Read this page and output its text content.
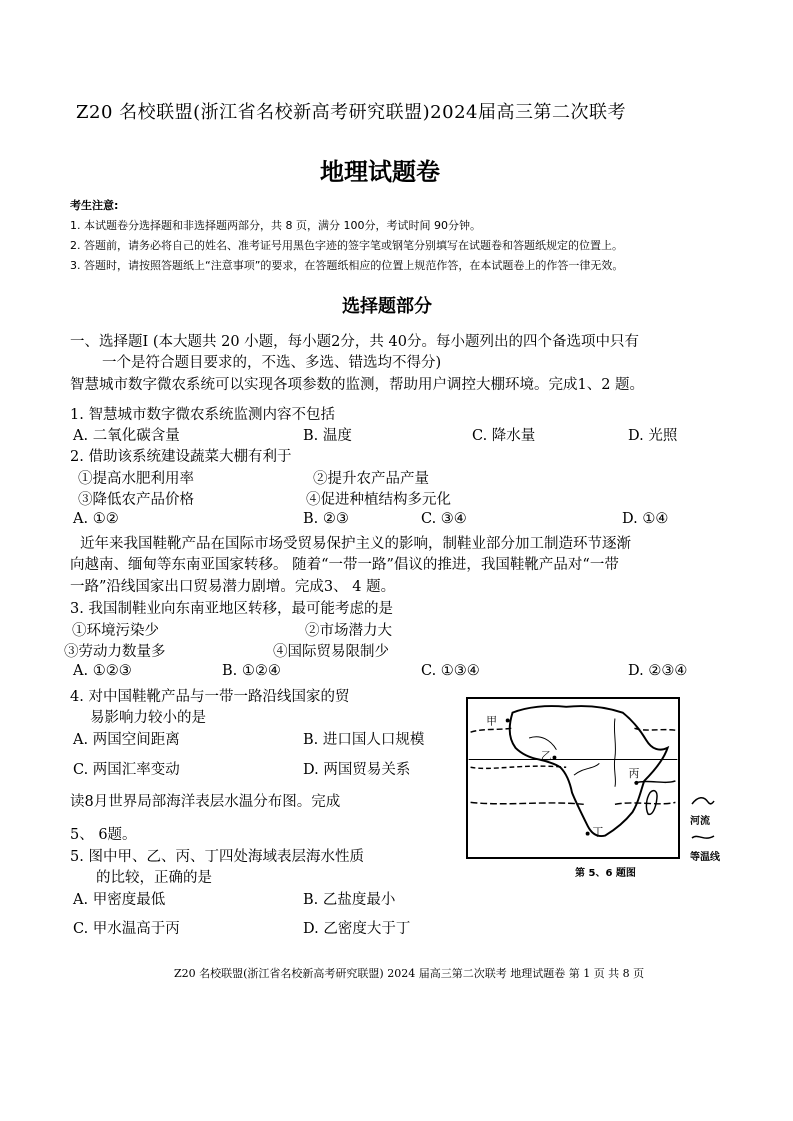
Z20 名校联盟(浙江省名校新高考研究联盟)2024届高三第二次联考
地理试题卷
考生注意:
1. 本试题卷分选择题和非选择题两部分，共 8 页，满分 100分，考试时间 90分钟。
2. 答题前，请务必将自己的姓名、准考证号用黑色字迹的签字笔或钢笔分别填写在试题卷和答题纸规定的位置上。
3. 答题时，请按照答题纸上“注意事项”的要求，在答题纸相应的位置上规范作答，在本试题卷上的作答一律无效。
选择题部分
一、选择题Ⅰ (本大题共 20 小题，每小题2分，共 40分。每小题列出的四个备选项中只有
一个是符合题目要求的，不选、多选、错选均不得分)
智慧城市数字微农系统可以实现各项参数的监测，帮助用户调控大棚环境。完成1、2 题。
1. 智慧城市数字微农系统监测内容不包括
A. 二氧化碳含量	B. 温度	C. 降水量	D. 光照
2. 借助该系统建设蔬菜大棚有利于
①提高水肥利用率	②提升农产品产量
③降低农产品价格	④促进种植结构多元化
A. ①②	B. ②③	C. ③④	D. ①④
近年来我国鞋靴产品在国际市场受贸易保护主义的影响，制鞋业部分加工制造环节逐渐
向越南、缅甸等东南亚国家转移。 随着“一带一路”倡议的推进，我国鞋靴产品对“一带
一路”沿线国家出口贸易潜力剧增。完成3、 4 题。
3. 我国制鞋业向东南亚地区转移，最可能考虑的是
①环境污染少	②市场潜力大
③劳动力数量多	④国际贸易限制少
A. ①②③	B. ①②④	C. ①③④	D. ②③④
4. 对中国鞋靴产品与一带一路沿线国家的贸
易影响力较小的是
A. 两国空间距离	B. 进口国人口规模
C. 两国汇率变动	D. 两国贸易关系
读8月世界局部海洋表层水温分布图。完成
5、 6题。
5. 图中甲、乙、丙、丁四处海域表层海水性质
的比较，正确的是
A. 甲密度最低	B. 乙盐度最小
C. 甲水温高于丙	D. 乙密度大于丁
甲
乙
丙
丁
河流
等温线
第 5、6 题图
Z20 名校联盟(浙江省名校新高考研究联盟) 2024 届高三第二次联考 地理试题卷 第 1 页 共 8 页
